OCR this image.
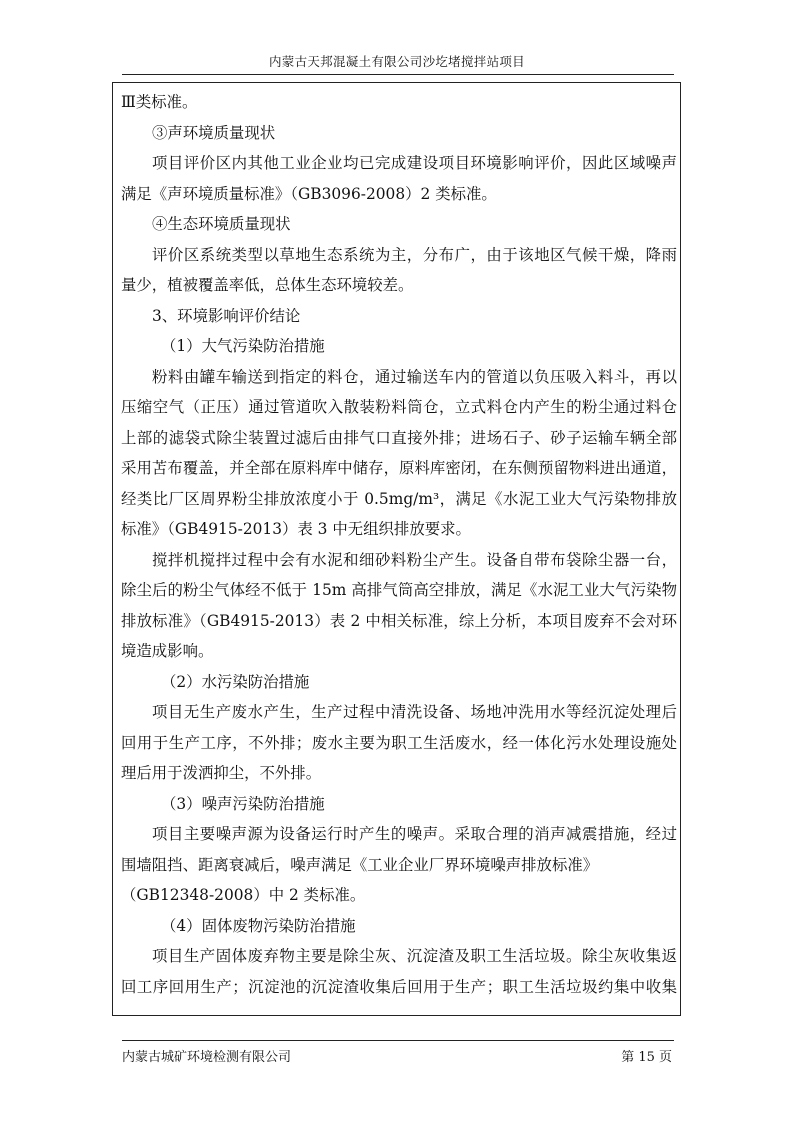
内蒙古天邦混凝土有限公司沙圪堵搅拌站项目
Ⅲ类标准。
③声环境质量现状
项目评价区内其他工业企业均已完成建设项目环境影响评价，因此区域噪声
满足《声环境质量标准》（GB3096-2008）2 类标准。
④生态环境质量现状
评价区系统类型以草地生态系统为主，分布广，由于该地区气候干燥，降雨
量少，植被覆盖率低，总体生态环境较差。
3、环境影响评价结论
（1）大气污染防治措施
粉料由罐车输送到指定的料仓，通过输送车内的管道以负压吸入料斗，再以
压缩空气（正压）通过管道吹入散装粉料筒仓，立式料仓内产生的粉尘通过料仓
上部的滤袋式除尘装置过滤后由排气口直接外排；进场石子、砂子运输车辆全部
采用苫布覆盖，并全部在原料库中储存，原料库密闭，在东侧预留物料进出通道，
经类比厂区周界粉尘排放浓度小于 0.5mg/m³，满足《水泥工业大气污染物排放
标准》（GB4915-2013）表 3 中无组织排放要求。
搅拌机搅拌过程中会有水泥和细砂料粉尘产生。设备自带布袋除尘器一台，
除尘后的粉尘气体经不低于 15m 高排气筒高空排放，满足《水泥工业大气污染物
排放标准》（GB4915-2013）表 2 中相关标准，综上分析，本项目废弃不会对环
境造成影响。
（2）水污染防治措施
项目无生产废水产生，生产过程中清洗设备、场地冲洗用水等经沉淀处理后
回用于生产工序，不外排；废水主要为职工生活废水，经一体化污水处理设施处
理后用于泼洒抑尘，不外排。
（3）噪声污染防治措施
项目主要噪声源为设备运行时产生的噪声。采取合理的消声减震措施，经过
围墙阻挡、距离衰减后，噪声满足《工业企业厂界环境噪声排放标准》
（GB12348-2008）中 2 类标准。
（4）固体废物污染防治措施
项目生产固体废弃物主要是除尘灰、沉淀渣及职工生活垃圾。除尘灰收集返
回工序回用生产；沉淀池的沉淀渣收集后回用于生产；职工生活垃圾约集中收集
内蒙古城矿环境检测有限公司	第 15 页
